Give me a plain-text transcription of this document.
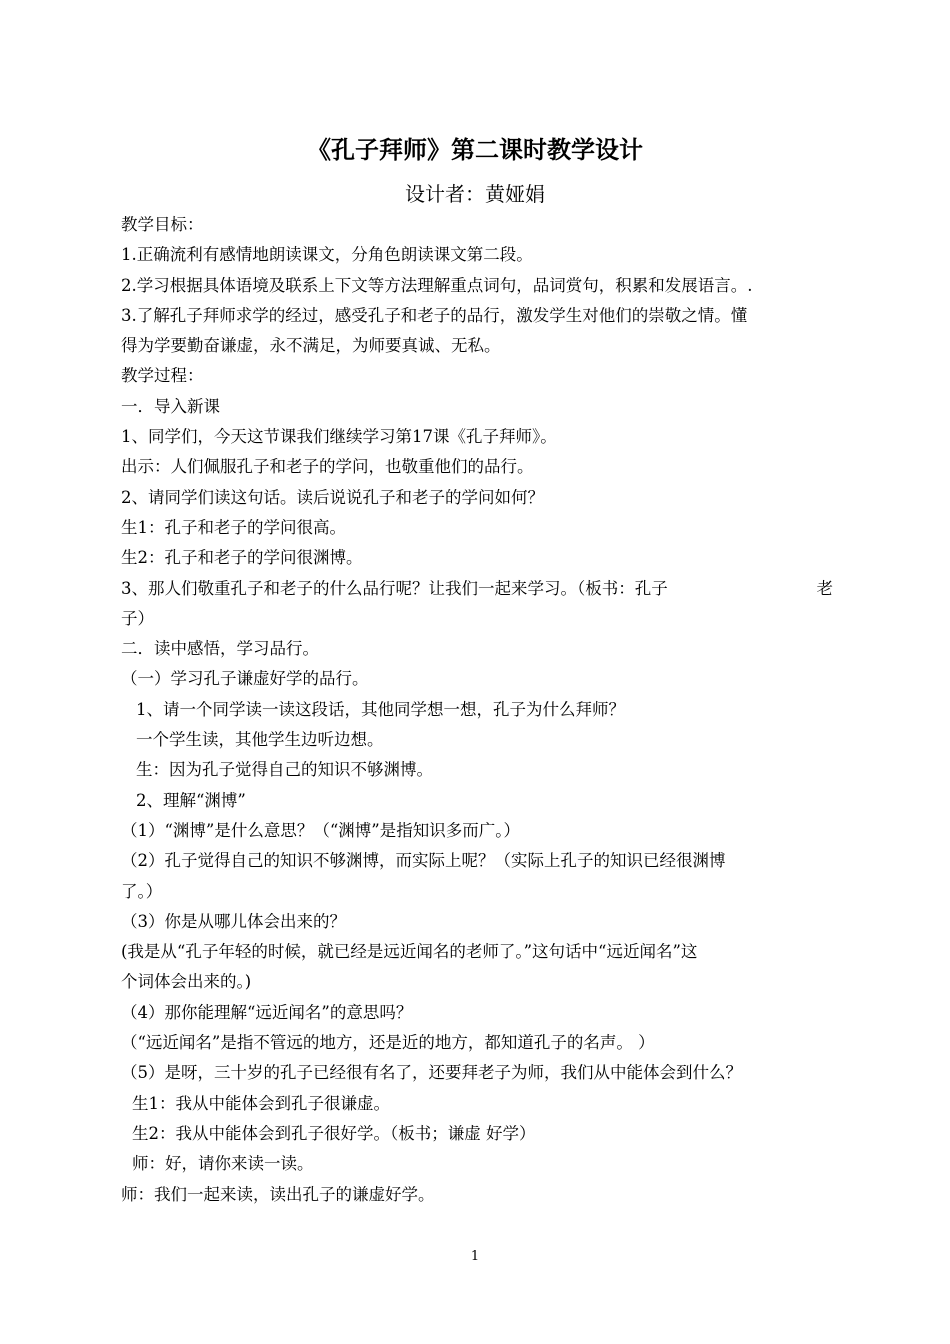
《孔子拜师》第二课时教学设计
设计者：黄娅娟
教学目标：
1.正确流利有感情地朗读课文，分角色朗读课文第二段。
2.学习根据具体语境及联系上下文等方法理解重点词句，品词赏句，积累和发展语言。.
3.了解孔子拜师求学的经过，感受孔子和老子的品行，激发学生对他们的崇敬之情。懂
得为学要勤奋谦虚，永不满足，为师要真诚、无私。
教学过程：
一．导入新课
1、同学们，今天这节课我们继续学习第17课《孔子拜师》。
出示：人们佩服孔子和老子的学问，也敬重他们的品行。
2、请同学们读这句话。读后说说孔子和老子的学问如何？
生1：孔子和老子的学问很高。
生2：孔子和老子的学问很渊博。
3、那人们敬重孔子和老子的什么品行呢？让我们一起来学习。（板书：孔子	老
子）
二．读中感悟，学习品行。
（一）学习孔子谦虚好学的品行。
1、请一个同学读一读这段话，其他同学想一想，孔子为什么拜师？
一个学生读，其他学生边听边想。
生：因为孔子觉得自己的知识不够渊博。
2、理解“渊博”
（1）“渊博”是什么意思？（“渊博”是指知识多而广。）
（2）孔子觉得自己的知识不够渊博，而实际上呢？（实际上孔子的知识已经很渊博
了。）
（3）你是从哪儿体会出来的？
(我是从“孔子年轻的时候，就已经是远近闻名的老师了。”这句话中“远近闻名”这
个词体会出来的。)
（4）那你能理解“远近闻名”的意思吗？
（“远近闻名”是指不管远的地方，还是近的地方，都知道孔子的名声。 ）
（5）是呀，三十岁的孔子已经很有名了，还要拜老子为师，我们从中能体会到什么？
生1：我从中能体会到孔子很谦虚。
生2：我从中能体会到孔子很好学。（板书；谦虚 好学）
师：好，请你来读一读。
师：我们一起来读，读出孔子的谦虚好学。
1
